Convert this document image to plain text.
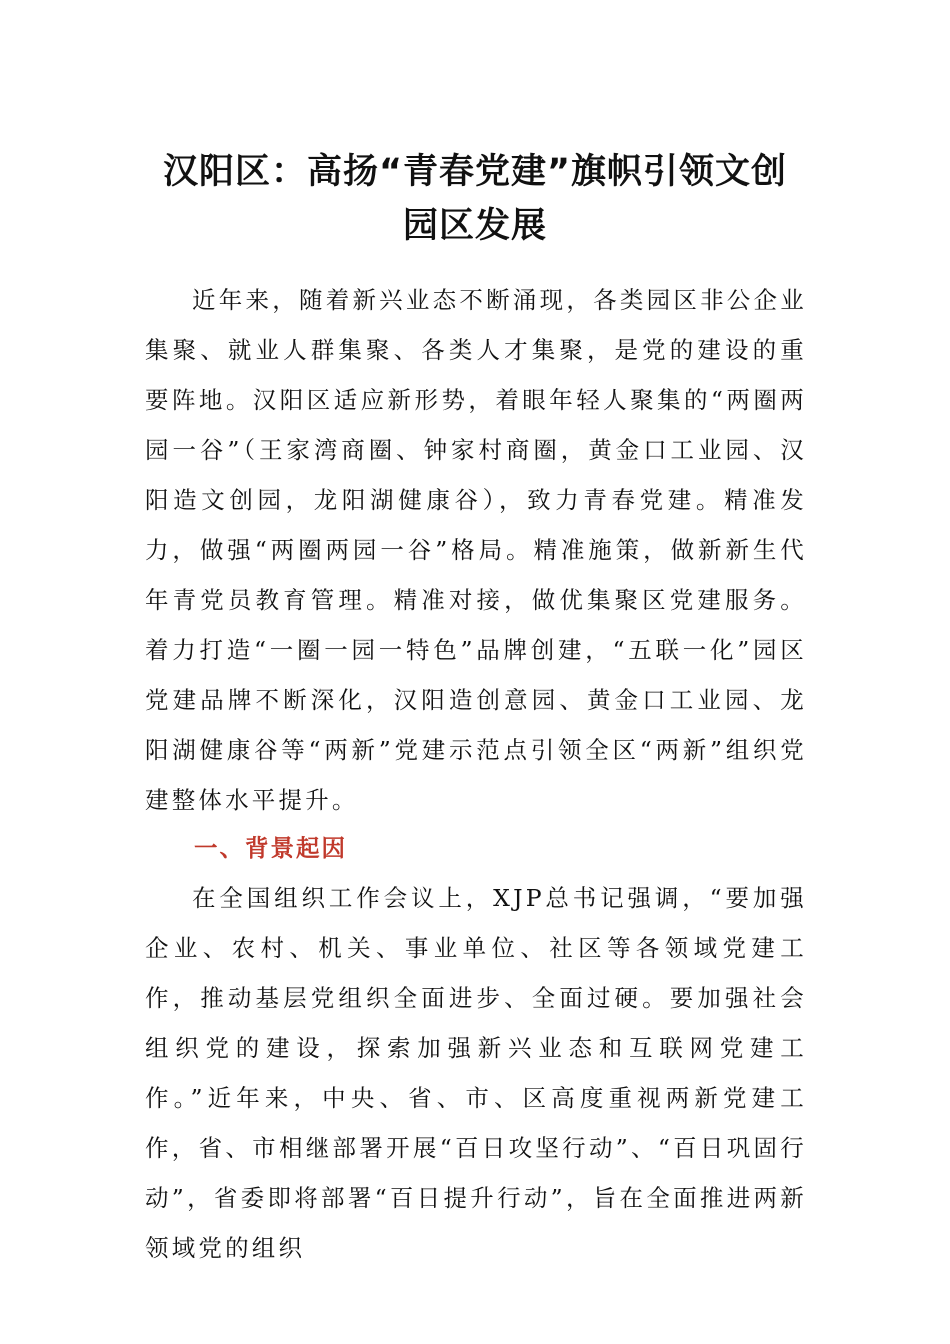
汉阳区：高扬“青春党建”旗帜引领文创
园区发展

近年来，随着新兴业态不断涌现，各类园区非公企业集聚、就业人群集聚、各类人才集聚，是党的建设的重要阵地。汉阳区适应新形势，着眼年轻人聚集的“两圈两园一谷”（王家湾商圈、钟家村商圈，黄金口工业园、汉阳造文创园，龙阳湖健康谷），致力青春党建。精准发力，做强“两圈两园一谷”格局。精准施策，做新新生代年青党员教育管理。精准对接，做优集聚区党建服务。着力打造“一圈一园一特色”品牌创建，“五联一化”园区党建品牌不断深化，汉阳造创意园、黄金口工业园、龙阳湖健康谷等“两新”党建示范点引领全区“两新”组织党建整体水平提升。

一、背景起因

在全国组织工作会议上，XJP总书记强调，“要加强企业、农村、机关、事业单位、社区等各领域党建工作，推动基层党组织全面进步、全面过硬。要加强社会组织党的建设，探索加强新兴业态和互联网党建工作。”近年来，中央、省、市、区高度重视两新党建工作，省、市相继部署开展“百日攻坚行动”、“百日巩固行动”，省委即将部署“百日提升行动”，旨在全面推进两新领域党的组织
